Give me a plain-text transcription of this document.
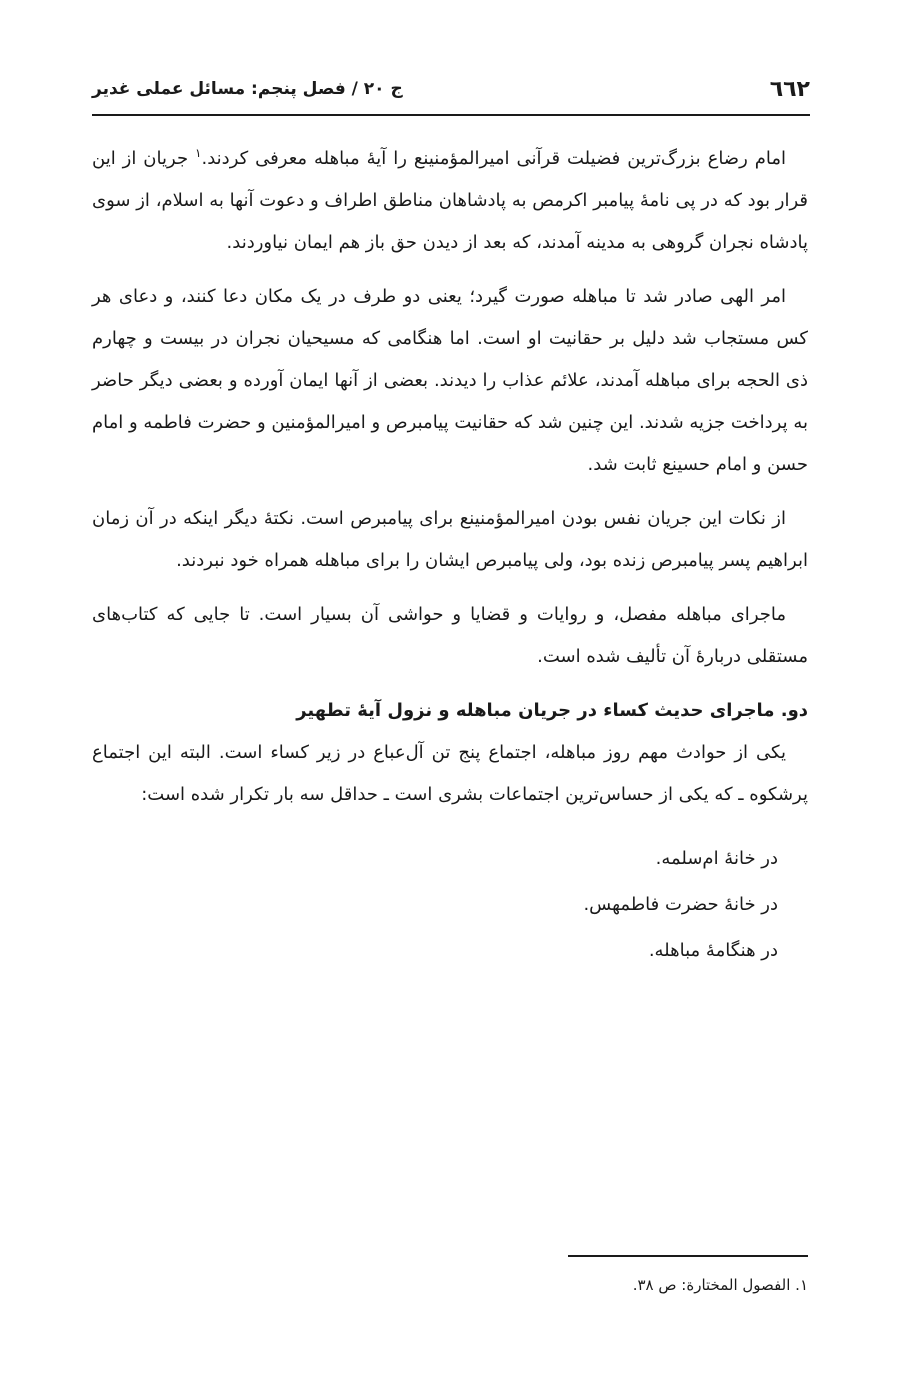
٦٦٢
ج ۲۰ / فصل پنجم: مسائل عملی غدیر

امام رضاع بزرگ‌ترین فضیلت قرآنی امیرالمؤمنینع را آیهٔ مباهله معرفی کردند.$^١$ جریان از این قرار بود که در پی نامهٔ پیامبر اکرمص به پادشاهان مناطق اطراف و دعوت آنها به اسلام، از سوی پادشاه نجران گروهی به مدینه آمدند، که بعد از دیدن حق باز هم ایمان نیاوردند.

امر الهی صادر شد تا مباهله صورت گیرد؛ یعنی دو طرف در یک مکان دعا کنند، و دعای هر کس مستجاب شد دلیل بر حقانیت او است. اما هنگامی که مسیحیان نجران در بیست و چهارم ذی الحجه برای مباهله آمدند، علائم عذاب را دیدند. بعضی از آنها ایمان آورده و بعضی دیگر حاضر به پرداخت جزیه شدند. این چنین شد که حقانیت پیامبرص و امیرالمؤمنین و حضرت فاطمه و امام حسن و امام حسینع ثابت شد.

از نکات این جریان نفس بودن امیرالمؤمنینع برای پیامبرص است. نکتهٔ دیگر اینکه در آن زمان ابراهیم پسر پیامبرص زنده بود، ولی پیامبرص ایشان را برای مباهله همراه خود نبردند.

ماجرای مباهله مفصل، و روایات و قضایا و حواشی آن بسیار است. تا جایی که کتاب‌های مستقلی دربارهٔ آن تألیف شده است.

دو. ماجرای حدیث کساء در جریان مباهله و نزول آیهٔ تطهیر

یکی از حوادث مهم روز مباهله، اجتماع پنج تن آل‌عباع در زیر کساء است. البته این اجتماع پرشکوه ـ که یکی از حساس‌ترین اجتماعات بشری است ـ حداقل سه بار تکرار شده است:

در خانهٔ ام‌سلمه.
در خانهٔ حضرت فاطمهس.
در هنگامهٔ مباهله.
١. الفصول المختارة: ص ٣٨.
